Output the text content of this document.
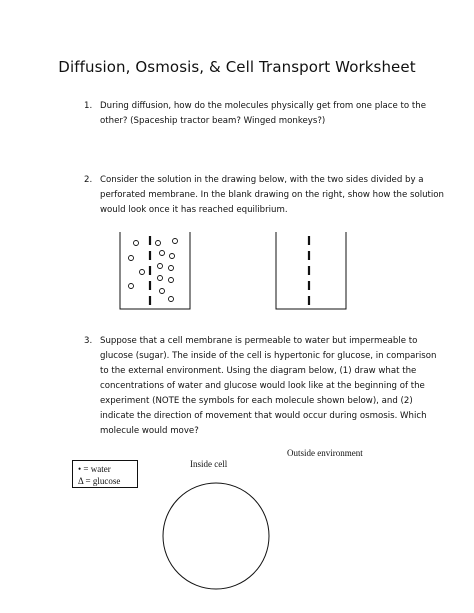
Diffusion, Osmosis, & Cell Transport Worksheet
1. During diffusion, how do the molecules physically get from one place to the
other? (Spaceship tractor beam? Winged monkeys?)
2. Consider the solution in the drawing below, with the two sides divided by a
perforated membrane. In the blank drawing on the right, show how the solution
would look once it has reached equilibrium.
3. Suppose that a cell membrane is permeable to water but impermeable to
glucose (sugar). The inside of the cell is hypertonic for glucose, in comparison
to the external environment. Using the diagram below, (1) draw what the
concentrations of water and glucose would look like at the beginning of the
experiment (NOTE the symbols for each molecule shown below), and (2)
indicate the direction of movement that would occur during osmosis. Which
molecule would move?
• = water
Δ = glucose
Inside cell
Outside environment
